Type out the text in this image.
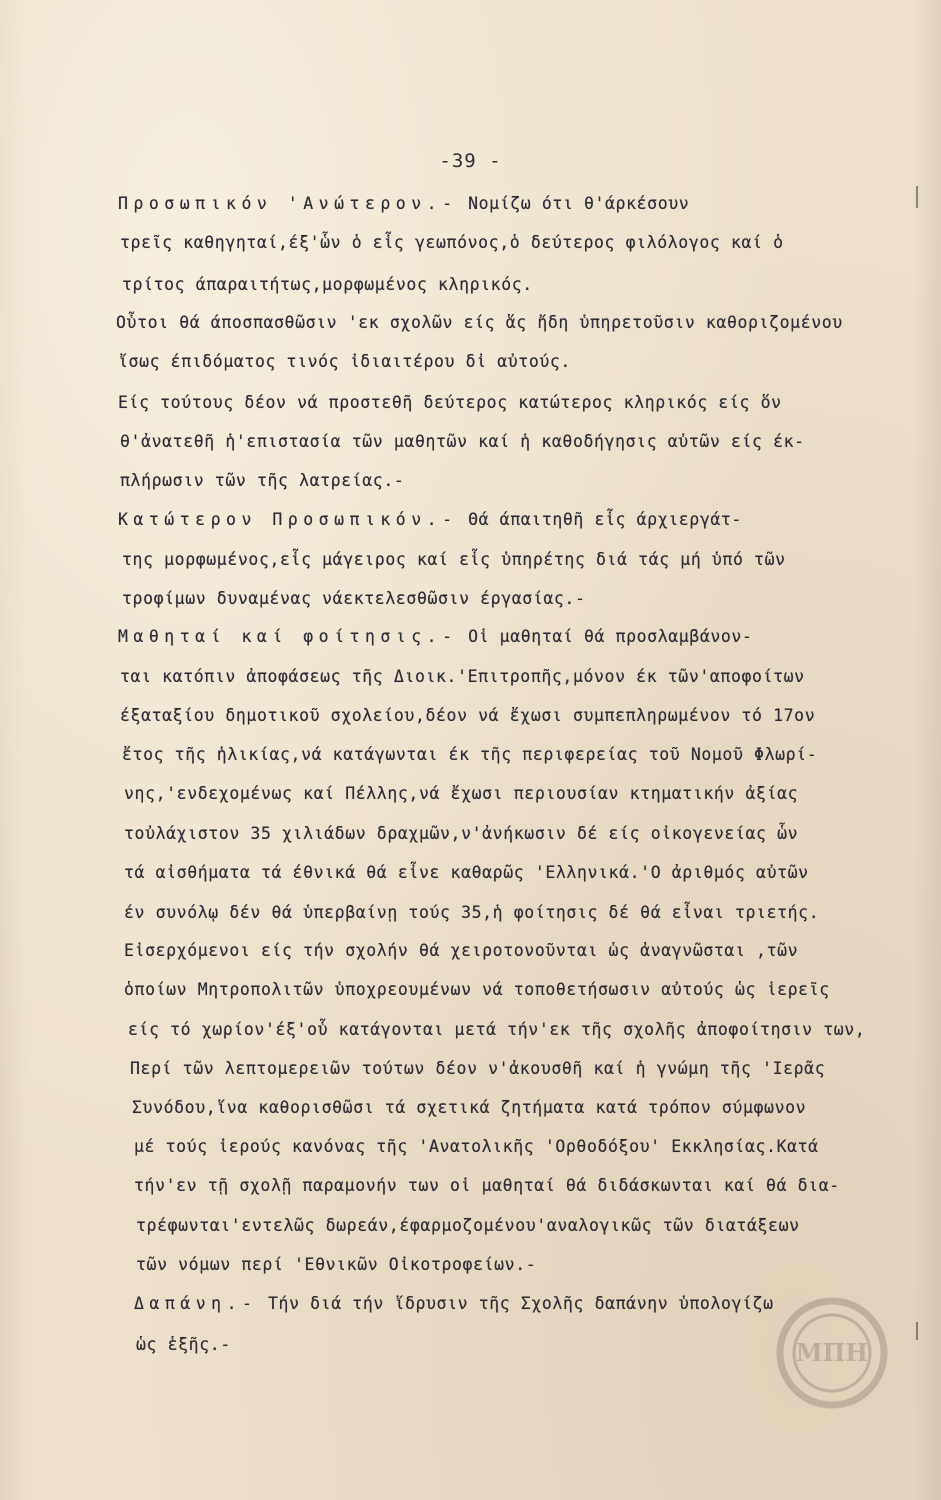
-39 -
Προσωπικόν 'Ανώτερον.- Νομίζω ότι θ'άρκέσουν
τρεῖς καθηγηταί,έξ'ὧν ὁ εἷς γεωπόνος,ὁ δεύτερος φιλόλογος καί ὁ
τρίτος άπαραιτήτως,μορφωμένος κληρικός.
Οὗτοι θά άποσπασθῶσιν 'εκ σχολῶν είς ἅς ἤδη ὑπηρετοῦσιν καθοριζομένου
ἴσως έπιδόματος τινός ἰδιαιτέρου δἰ αὐτούς.
Είς τούτους δέον νά προστεθῆ δεύτερος κατώτερος κληρικός είς ὅν
θ'ἀνατεθῆ ἡ'επιστασία τῶν μαθητῶν καί ἡ καθοδήγησις αὐτῶν είς έκ-
πλήρωσιν τῶν τῆς λατρείας.-
Κατώτερον Προσωπικόν.- Θά άπαιτηθῆ εἷς άρχιεργάτ-
της μορφωμένος,εἷς μάγειρος καί εἷς ὑπηρέτης διά τάς μή ὑπό τῶν
τροφίμων δυναμένας νάεκτελεσθῶσιν έργασίας.-
Μαθηταί καί φοίτησις.- Οἱ μαθηταί θά προσλαμβάνον-
ται κατόπιν ἀποφάσεως τῆς Διοικ.'Επιτροπῆς,μόνον έκ τῶν'αποφοίτων
έξαταξίου δημοτικοῦ σχολείου,δέον νά ἔχωσι συμπεπληρωμένον τό 17ον
ἔτος τῆς ἡλικίας,νά κατάγωνται έκ τῆς περιφερείας τοῦ Νομοῦ Φλωρί-
νης,'ενδεχομένως καί Πέλλης,νά ἔχωσι περιουσίαν κτηματικήν ἀξίας
τοὐλάχιστον 35 χιλιάδων δραχμῶν,ν'ἀνήκωσιν δέ είς οἰκογενείας ὧν
τά αἰσθήματα τά έθνικά θά εἶνε καθαρῶς 'Ελληνικά.'Ο ἀριθμός αὐτῶν
έν συνόλῳ δέν θά ὑπερβαίνῃ τούς 35,ἡ φοίτησις δέ θά εἶναι τριετής.
Εἰσερχόμενοι είς τήν σχολήν θά χειροτονοῦνται ὡς ἀναγνῶσται ,τῶν
ὁποίων Μητροπολιτῶν ὑποχρεουμένων νά τοποθετήσωσιν αὐτούς ὡς ἱερεῖς
είς τό χωρίον'έξ'οὗ κατάγονται μετά τήν'εκ τῆς σχολῆς ἀποφοίτησιν των,
Περί τῶν λεπτομερειῶν τούτων δέον ν'ἀκουσθῆ καί ἡ γνώμη τῆς 'Ιερᾶς
Συνόδου,ἵνα καθορισθῶσι τά σχετικά ζητήματα κατά τρόπον σύμφωνον
μέ τούς ἱερούς κανόνας τῆς 'Ανατολικῆς 'Ορθοδόξου' Εκκλησίας.Κατά
τήν'εν τῇ σχολῇ παραμονήν των οἱ μαθηταί θά διδάσκωνται καί θά δια-
τρέφωνται'εντελῶς δωρεάν,έφαρμοζομένου'αναλογικῶς τῶν διατάξεων
τῶν νόμων περί 'Εθνικῶν Οἰκοτροφείων.-
Δαπάνη.- Τήν διά τήν ἵδρυσιν τῆς Σχολῆς δαπάνην ὑπολογίζω
ὡς ἑξῆς.-	ΜΠΗ
